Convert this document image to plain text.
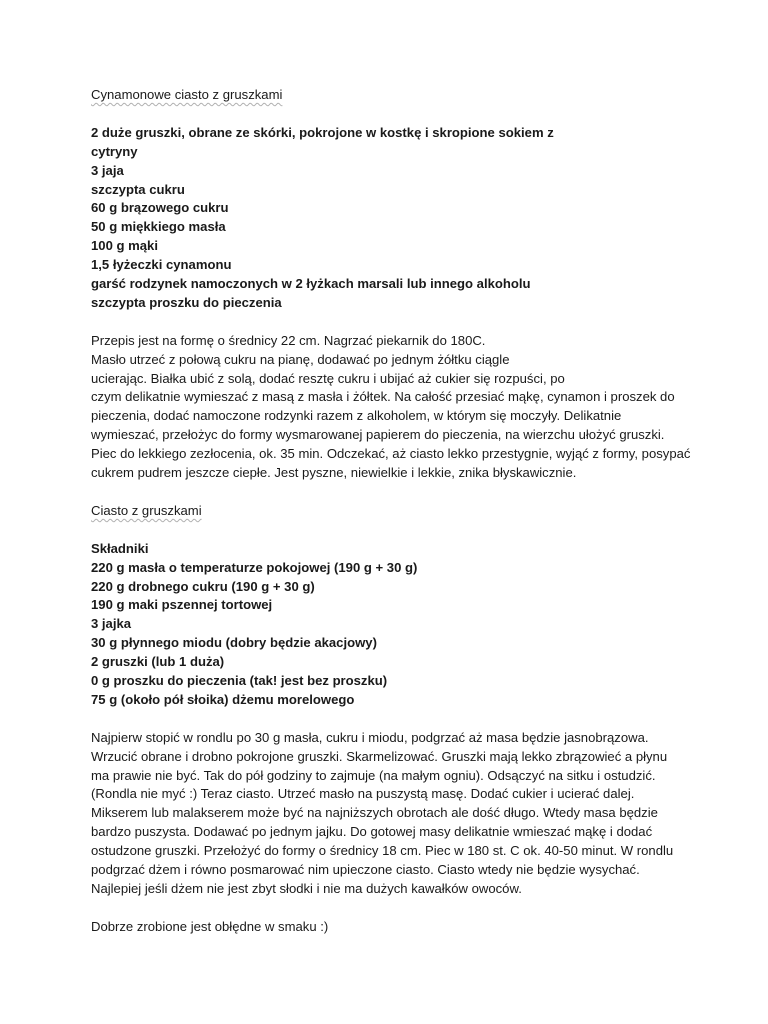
Cynamonowe ciasto z gruszkami

2 duże gruszki, obrane ze skórki, pokrojone w kostkę i skropione sokiem z
cytryny
3 jaja
szczypta cukru
60 g brązowego cukru
50 g miękkiego masła
100 g mąki
1,5 łyżeczki cynamonu
garść rodzynek namoczonych w 2 łyżkach marsali lub innego alkoholu
szczypta proszku do pieczenia
Przepis jest na formę o średnicy 22 cm. Nagrzać piekarnik do 180C.
Masło utrzeć z połową cukru na pianę, dodawać po jednym żółtku ciągle
ucierając. Białka ubić z solą, dodać resztę cukru i ubijać aż cukier się rozpuści, po
czym delikatnie wymieszać z masą z masła i żółtek. Na całość przesiać mąkę, cynamon i proszek do
pieczenia, dodać namoczone rodzynki razem z alkoholem, w którym się moczyły. Delikatnie
wymieszać, przełożyc do formy wysmarowanej papierem do pieczenia, na wierzchu ułożyć gruszki.
Piec do lekkiego zezłocenia, ok. 35 min. Odczekać, aż ciasto lekko przestygnie, wyjąć z formy, posypać
cukrem pudrem jeszcze ciepłe. Jest pyszne, niewielkie i lekkie, znika błyskawicznie.

Ciasto z gruszkami

Składniki
220 g masła o temperaturze pokojowej (190 g + 30 g)
220 g drobnego cukru (190 g + 30 g)
190 g maki pszennej tortowej
3 jajka
30 g płynnego miodu (dobry będzie akacjowy)
2 gruszki (lub 1 duża)
0 g proszku do pieczenia (tak! jest bez proszku)
75 g (około pół słoika) dżemu morelowego
Najpierw stopić w rondlu po 30 g masła, cukru i miodu, podgrzać aż masa będzie jasnobrązowa.
Wrzucić obrane i drobno pokrojone gruszki. Skarmelizować. Gruszki mają lekko zbrązowieć a płynu
ma prawie nie być. Tak do pół godziny to zajmuje (na małym ogniu). Odsączyć na sitku i ostudzić.
(Rondla nie myć :) Teraz ciasto. Utrzeć masło na puszystą masę. Dodać cukier i ucierać dalej.
Mikserem lub malakserem może być na najniższych obrotach ale dość długo. Wtedy masa będzie
bardzo puszysta. Dodawać po jednym jajku. Do gotowej masy delikatnie wmieszać mąkę i dodać
ostudzone gruszki. Przełożyć do formy o średnicy 18 cm. Piec w 180 st. C ok. 40-50 minut. W rondlu
podgrzać dżem i równo posmarować nim upieczone ciasto. Ciasto wtedy nie będzie wysychać.
Najlepiej jeśli dżem nie jest zbyt słodki i nie ma dużych kawałków owoców.
Dobrze zrobione jest obłędne w smaku :)
